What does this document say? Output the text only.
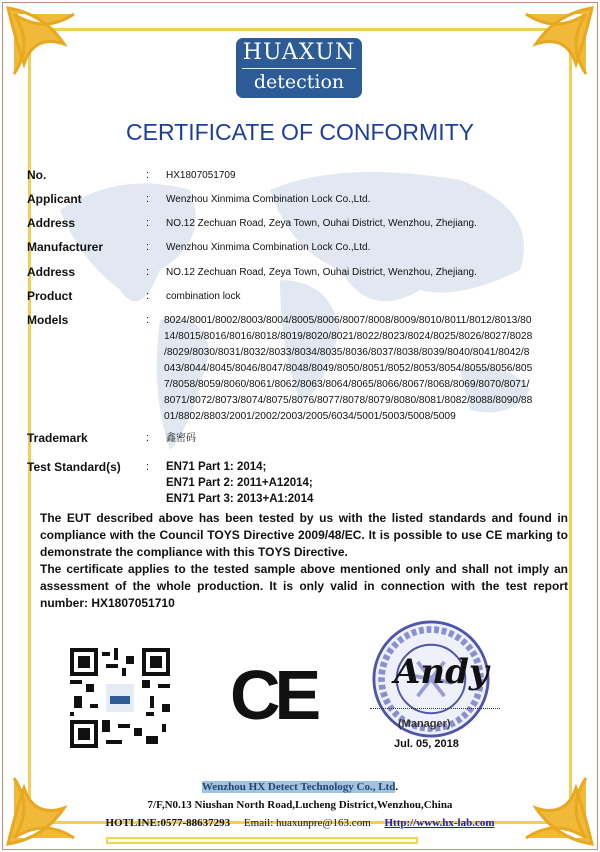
HUAXUN
detection
CERTIFICATE OF CONFORMITY
No.	: HX1807051709
Applicant	: Wenzhou Xinmima Combination Lock Co.,Ltd.
Address	: NO.12 Zechuan Road, Zeya Town, Ouhai District, Wenzhou, Zhejiang.
Manufacturer	: Wenzhou Xinmima Combination Lock Co.,Ltd.
Address	: NO.12 Zechuan Road, Zeya Town, Ouhai District, Wenzhou, Zhejiang.
Product	: combination lock
Models	: 8024/8001/8002/8003/8004/8005/8006/8007/8008/8009/8010/8011/8012/8013/80
14/8015/8016/8016/8018/8019/8020/8021/8022/8023/8024/8025/8026/8027/8028
/8029/8030/8031/8032/8033/8034/8035/8036/8037/8038/8039/8040/8041/8042/8
043/8044/8045/8046/8047/8048/8049/8050/8051/8052/8053/8054/8055/8056/805
7/8058/8059/8060/8061/8062/8063/8064/8065/8066/8067/8068/8069/8070/8071/
8071/8072/8073/8074/8075/8076/8077/8078/8079/8080/8081/8082/8088/8090/88
01/8802/8803/2001/2002/2003/2005/6034/5001/5003/5008/5009
Trademark	: 鑫密码
Test Standard(s) : EN71 Part 1: 2014;
EN71 Part 2: 2011+A12014;
EN71 Part 3: 2013+A1:2014
The EUT described above has been tested by us with the listed standards and found in compliance with the Council TOYS Directive 2009/48/EC. It is possible to use CE marking to demonstrate the compliance with this TOYS Directive.
The certificate applies to the tested sample above mentioned only and shall not imply an assessment of the whole production. It is only valid in connection with the test report number: HX1807051710
CE Andy
(Manager)
Jul. 05, 2018
Wenzhou HX Detect Technology Co., Ltd.
7/F,N0.13 Niushan North Road,Lucheng District,Wenzhou,China
HOTLINE:0577-88637293 Email: huaxunpre@163.com Http://www.hx-lab.com
